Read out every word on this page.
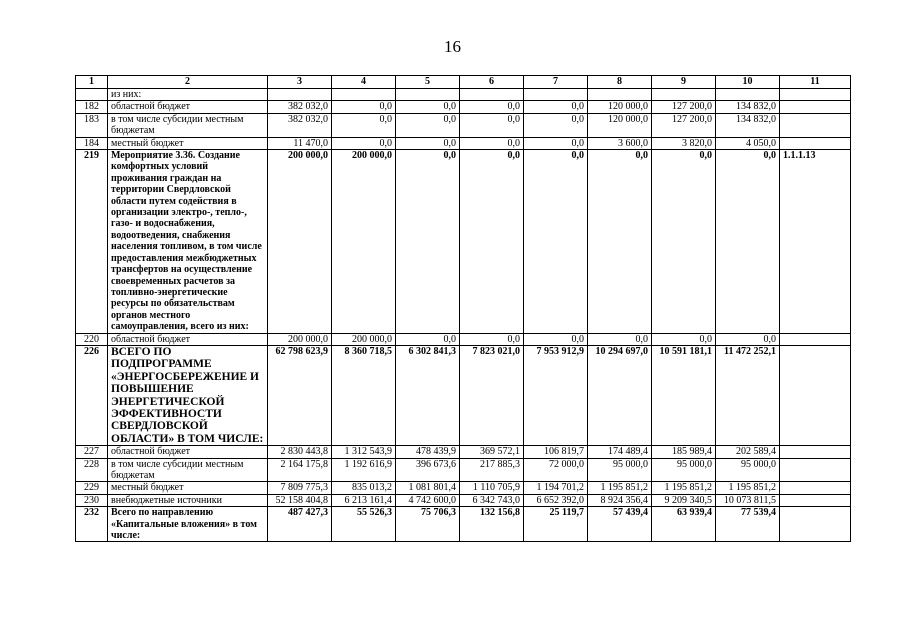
16
1	2	3	4	5	6	7	8	9	10	11
	из них:									
182	областной бюджет	382 032,0	0,0	0,0	0,0	0,0	120 000,0	127 200,0	134 832,0	
183	в том числе субсидии местным бюджетам	382 032,0	0,0	0,0	0,0	0,0	120 000,0	127 200,0	134 832,0	
184	местный бюджет	11 470,0	0,0	0,0	0,0	0,0	3 600,0	3 820,0	4 050,0	
219	Мероприятие 3.36. Создание комфортных условий проживания граждан на территории Свердловской области путем содействия в организации электро-, тепло-, газо- и водоснабжения, водоотведения, снабжения населения топливом, в том числе предоставления межбюджетных трансфертов на осуществление своевременных расчетов за топливно-энергетические ресурсы по обязательствам органов местного самоуправления, всего из них:	200 000,0	200 000,0	0,0	0,0	0,0	0,0	0,0	0,0	1.1.1.13
220	областной бюджет	200 000,0	200 000,0	0,0	0,0	0,0	0,0	0,0	0,0	
226	ВСЕГО ПО ПОДПРОГРАММЕ «ЭНЕРГОСБЕРЕЖЕНИЕ И ПОВЫШЕНИЕ ЭНЕРГЕТИЧЕСКОЙ ЭФФЕКТИВНОСТИ СВЕРДЛОВСКОЙ ОБЛАСТИ» В ТОМ ЧИСЛЕ:	62 798 623,9	8 360 718,5	6 302 841,3	7 823 021,0	7 953 912,9	10 294 697,0	10 591 181,1	11 472 252,1	
227	областной бюджет	2 830 443,8	1 312 543,9	478 439,9	369 572,1	106 819,7	174 489,4	185 989,4	202 589,4	
228	в том числе субсидии местным бюджетам	2 164 175,8	1 192 616,9	396 673,6	217 885,3	72 000,0	95 000,0	95 000,0	95 000,0	
229	местный бюджет	7 809 775,3	835 013,2	1 081 801,4	1 110 705,9	1 194 701,2	1 195 851,2	1 195 851,2	1 195 851,2	
230	внебюджетные источники	52 158 404,8	6 213 161,4	4 742 600,0	6 342 743,0	6 652 392,0	8 924 356,4	9 209 340,5	10 073 811,5	
232	Всего по направлению «Капитальные вложения» в том числе:	487 427,3	55 526,3	75 706,3	132 156,8	25 119,7	57 439,4	63 939,4	77 539,4	
